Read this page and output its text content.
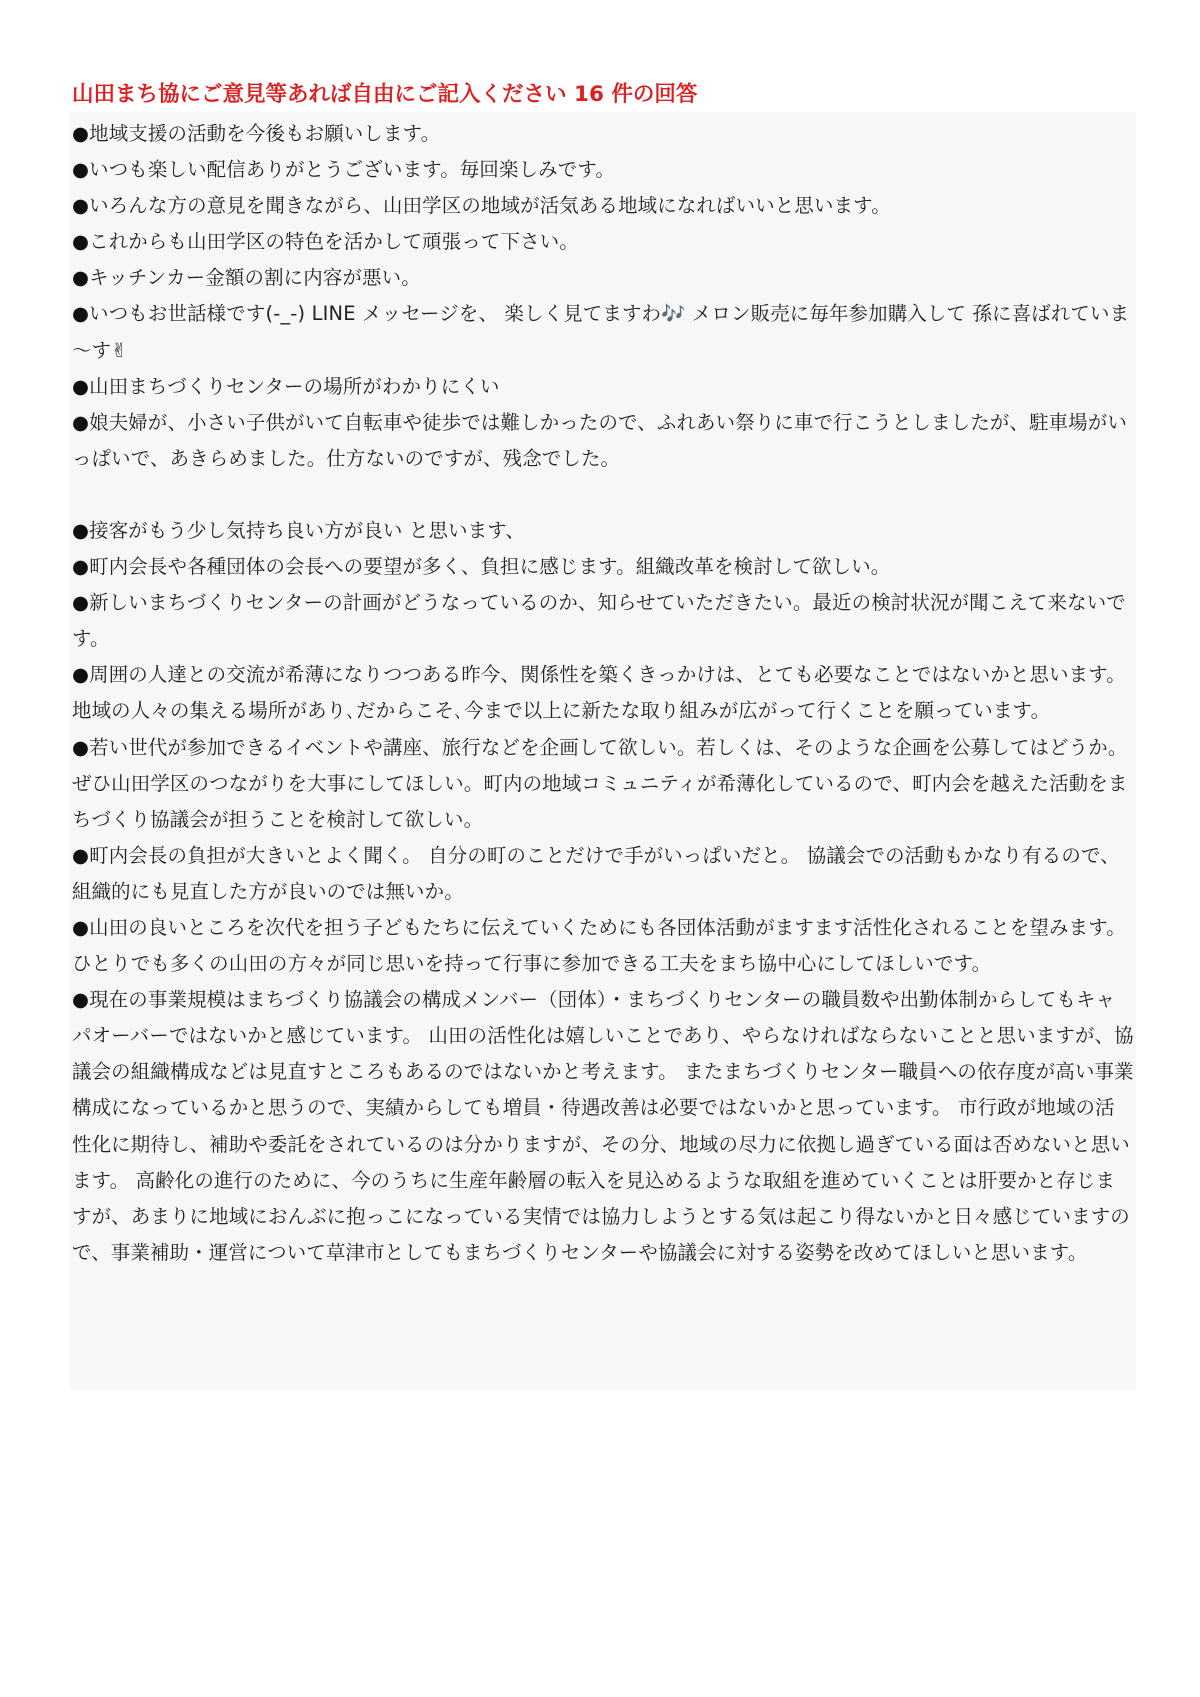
山田まち協にご意見等あれば自由にご記入ください 16 件の回答
●地域支援の活動を今後もお願いします。
●いつも楽しい配信ありがとうございます。毎回楽しみです。
●いろんな方の意見を聞きながら、山田学区の地域が活気ある地域になればいいと思います。
●これからも山田学区の特色を活かして頑張って下さい。
●キッチンカー金額の割に内容が悪い。
●いつもお世話様です(-_-) LINE メッセージを、 楽しく見てますわ🎶 メロン販売に毎年参加購入して 孫に喜ばれていま～す✌
●山田まちづくりセンターの場所がわかりにくい
●娘夫婦が、小さい子供がいて自転車や徒歩では難しかったので、ふれあい祭りに車で行こうとしましたが、駐車場がいっぱいで、あきらめました。仕方ないのですが、残念でした。
●接客がもう少し気持ち良い方が良い と思います、
●町内会長や各種団体の会長への要望が多く、負担に感じます。組織改革を検討して欲しい。
●新しいまちづくりセンターの計画がどうなっているのか、知らせていただきたい。最近の検討状況が聞こえて来ないです。
●周囲の人達との交流が希薄になりつつある昨今、関係性を築くきっかけは、とても必要なことではないかと思います。地域の人々の集える場所があり､だからこそ､今まで以上に新たな取り組みが広がって行くことを願っています。
●若い世代が参加できるイベントや講座、旅行などを企画して欲しい。若しくは、そのような企画を公募してはどうか。 ぜひ山田学区のつながりを大事にしてほしい。町内の地域コミュニティが希薄化しているので、町内会を越えた活動をまちづくり協議会が担うことを検討して欲しい。
●町内会長の負担が大きいとよく聞く。 自分の町のことだけで手がいっぱいだと。 協議会での活動もかなり有るので、組織的にも見直した方が良いのでは無いか。
●山田の良いところを次代を担う子どもたちに伝えていくためにも各団体活動がますます活性化されることを望みます。ひとりでも多くの山田の方々が同じ思いを持って行事に参加できる工夫をまち協中心にしてほしいです。
●現在の事業規模はまちづくり協議会の構成メンバー（団体）・まちづくりセンターの職員数や出勤体制からしてもキャパオーバーではないかと感じています。 山田の活性化は嬉しいことであり、やらなければならないことと思いますが、協議会の組織構成などは見直すところもあるのではないかと考えます。 またまちづくりセンター職員への依存度が高い事業構成になっているかと思うので、実績からしても増員・待遇改善は必要ではないかと思っています。 市行政が地域の活性化に期待し、補助や委託をされているのは分かりますが、その分、地域の尽力に依拠し過ぎている面は否めないと思います。 高齢化の進行のために、今のうちに生産年齢層の転入を見込めるような取組を進めていくことは肝要かと存じますが、あまりに地域におんぶに抱っこになっている実情では協力しようとする気は起こり得ないかと日々感じていますので、事業補助・運営について草津市としてもまちづくりセンターや協議会に対する姿勢を改めてほしいと思います。
